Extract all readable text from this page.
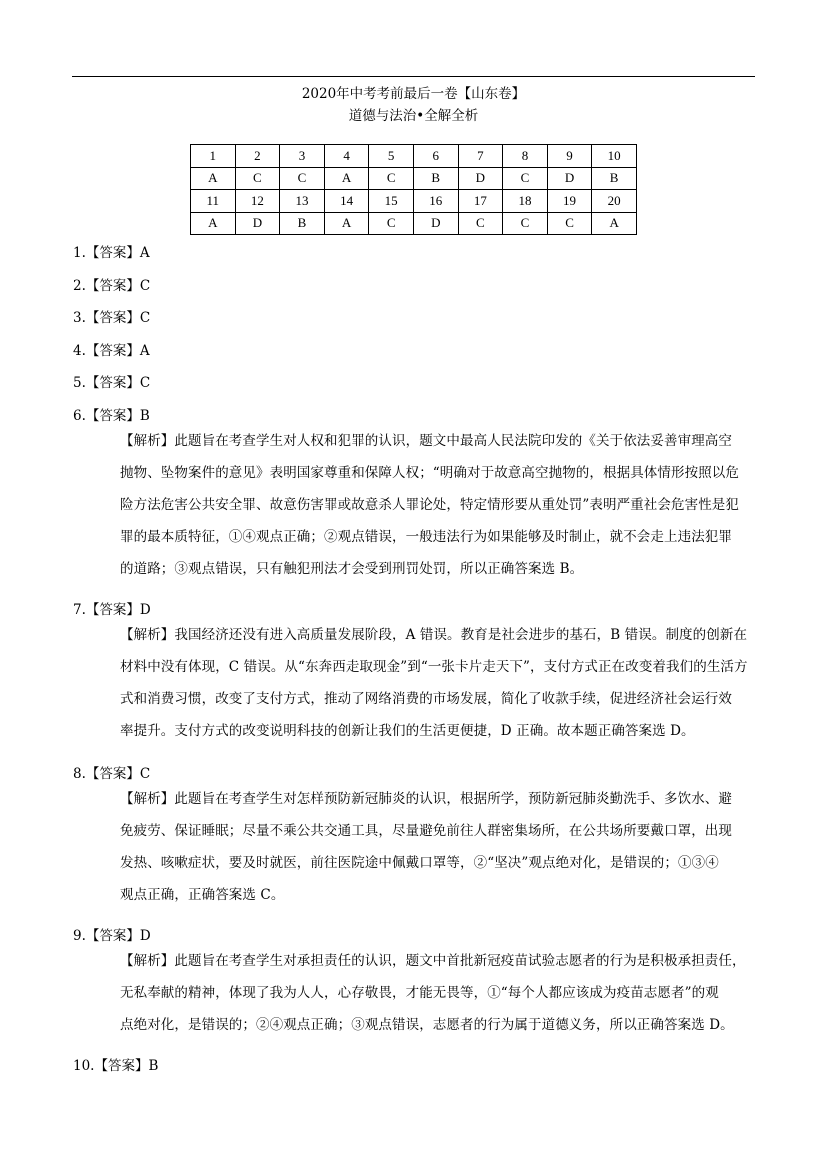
2020年中考考前最后一卷【山东卷】
道德与法治•全解全析
1	2	3	4	5	6	7	8	9	10
A	C	C	A	C	B	D	C	D	B
11	12	13	14	15	16	17	18	19	20
A	D	B	A	C	D	C	C	C	A
1.【答案】A
2.【答案】C
3.【答案】C
4.【答案】A
5.【答案】C
6.【答案】B

【解析】此题旨在考查学生对人权和犯罪的认识，题文中最高人民法院印发的《关于依法妥善审理高空

抛物、坠物案件的意见》表明国家尊重和保障人权；“明确对于故意高空抛物的，根据具体情形按照以危

险方法危害公共安全罪、故意伤害罪或故意杀人罪论处，特定情形要从重处罚”表明严重社会危害性是犯

罪的最本质特征，①④观点正确；②观点错误，一般违法行为如果能够及时制止，就不会走上违法犯罪

的道路；③观点错误，只有触犯刑法才会受到刑罚处罚，所以正确答案选 B。

7.【答案】D

【解析】我国经济还没有进入高质量发展阶段，A 错误。教育是社会进步的基石，B 错误。制度的创新在

材料中没有体现，C 错误。从“东奔西走取现金”到“一张卡片走天下”，支付方式正在改变着我们的生活方

式和消费习惯，改变了支付方式，推动了网络消费的市场发展，简化了收款手续，促进经济社会运行效

率提升。支付方式的改变说明科技的创新让我们的生活更便捷，D 正确。故本题正确答案选 D。

8.【答案】C

【解析】此题旨在考查学生对怎样预防新冠肺炎的认识，根据所学，预防新冠肺炎勤洗手、多饮水、避

免疲劳、保证睡眠；尽量不乘公共交通工具，尽量避免前往人群密集场所，在公共场所要戴口罩，出现

发热、咳嗽症状，要及时就医，前往医院途中佩戴口罩等，②“坚决”观点绝对化，是错误的；①③④

观点正确，正确答案选 C。

9.【答案】D

【解析】此题旨在考查学生对承担责任的认识，题文中首批新冠疫苗试验志愿者的行为是积极承担责任，

无私奉献的精神，体现了我为人人，心存敬畏，才能无畏等，①“每个人都应该成为疫苗志愿者”的观

点绝对化，是错误的；②④观点正确；③观点错误，志愿者的行为属于道德义务，所以正确答案选 D。

10.【答案】B
